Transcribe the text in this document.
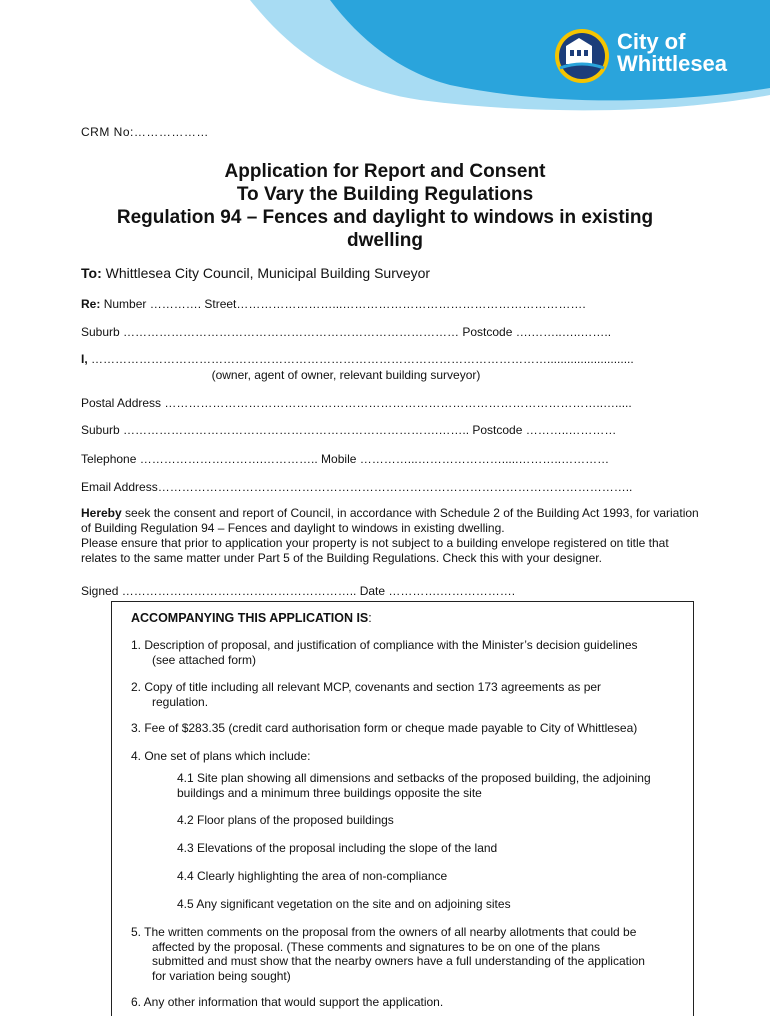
City of
Whittlesea
CRM No:………………
Application for Report and Consent
To Vary the Building Regulations
Regulation 94 – Fences and daylight to windows in existing
dwelling
To: Whittlesea City Council, Municipal Building Surveyor
Re: Number …………. Street……………………...…………………………………………………….
Suburb ………………………………………………………………………… Postcode ….……..…..……..
I, ……………………………………………………………………………………………………..........................
(owner, agent of owner, relevant building surveyor)
Postal Address ………………………………………………………………………………………………..….....
Suburb …………………………………………………………………….…….. Postcode ………..…………
Telephone ………………………….………….. Mobile …………...………………….....………..…………
Email Address………………………………………………………………………………………………………..
Hereby seek the consent and report of Council, in accordance with Schedule 2 of the Building Act 1993, for variation of Building Regulation 94 – Fences and daylight to windows in existing dwelling.
Please ensure that prior to application your property is not subject to a building envelope registered on title that relates to the same matter under Part 5 of the Building Regulations. Check this with your designer.
Signed ………………………………………………….. Date ………….……………….
ACCOMPANYING THIS APPLICATION IS:
1. Description of proposal, and justification of compliance with the Minister’s decision guidelines
(see attached form)
2. Copy of title including all relevant MCP, covenants and section 173 agreements as per
regulation.
3. Fee of $283.35 (credit card authorisation form or cheque made payable to City of Whittlesea)
4. One set of plans which include:
4.1 Site plan showing all dimensions and setbacks of the proposed building, the adjoining
buildings and a minimum three buildings opposite the site
4.2 Floor plans of the proposed buildings
4.3 Elevations of the proposal including the slope of the land
4.4 Clearly highlighting the area of non-compliance
4.5 Any significant vegetation on the site and on adjoining sites
5. The written comments on the proposal from the owners of all nearby allotments that could be
affected by the proposal. (These comments and signatures to be on one of the plans
submitted and must show that the nearby owners have a full understanding of the application
for variation being sought)
6. Any other information that would support the application.
